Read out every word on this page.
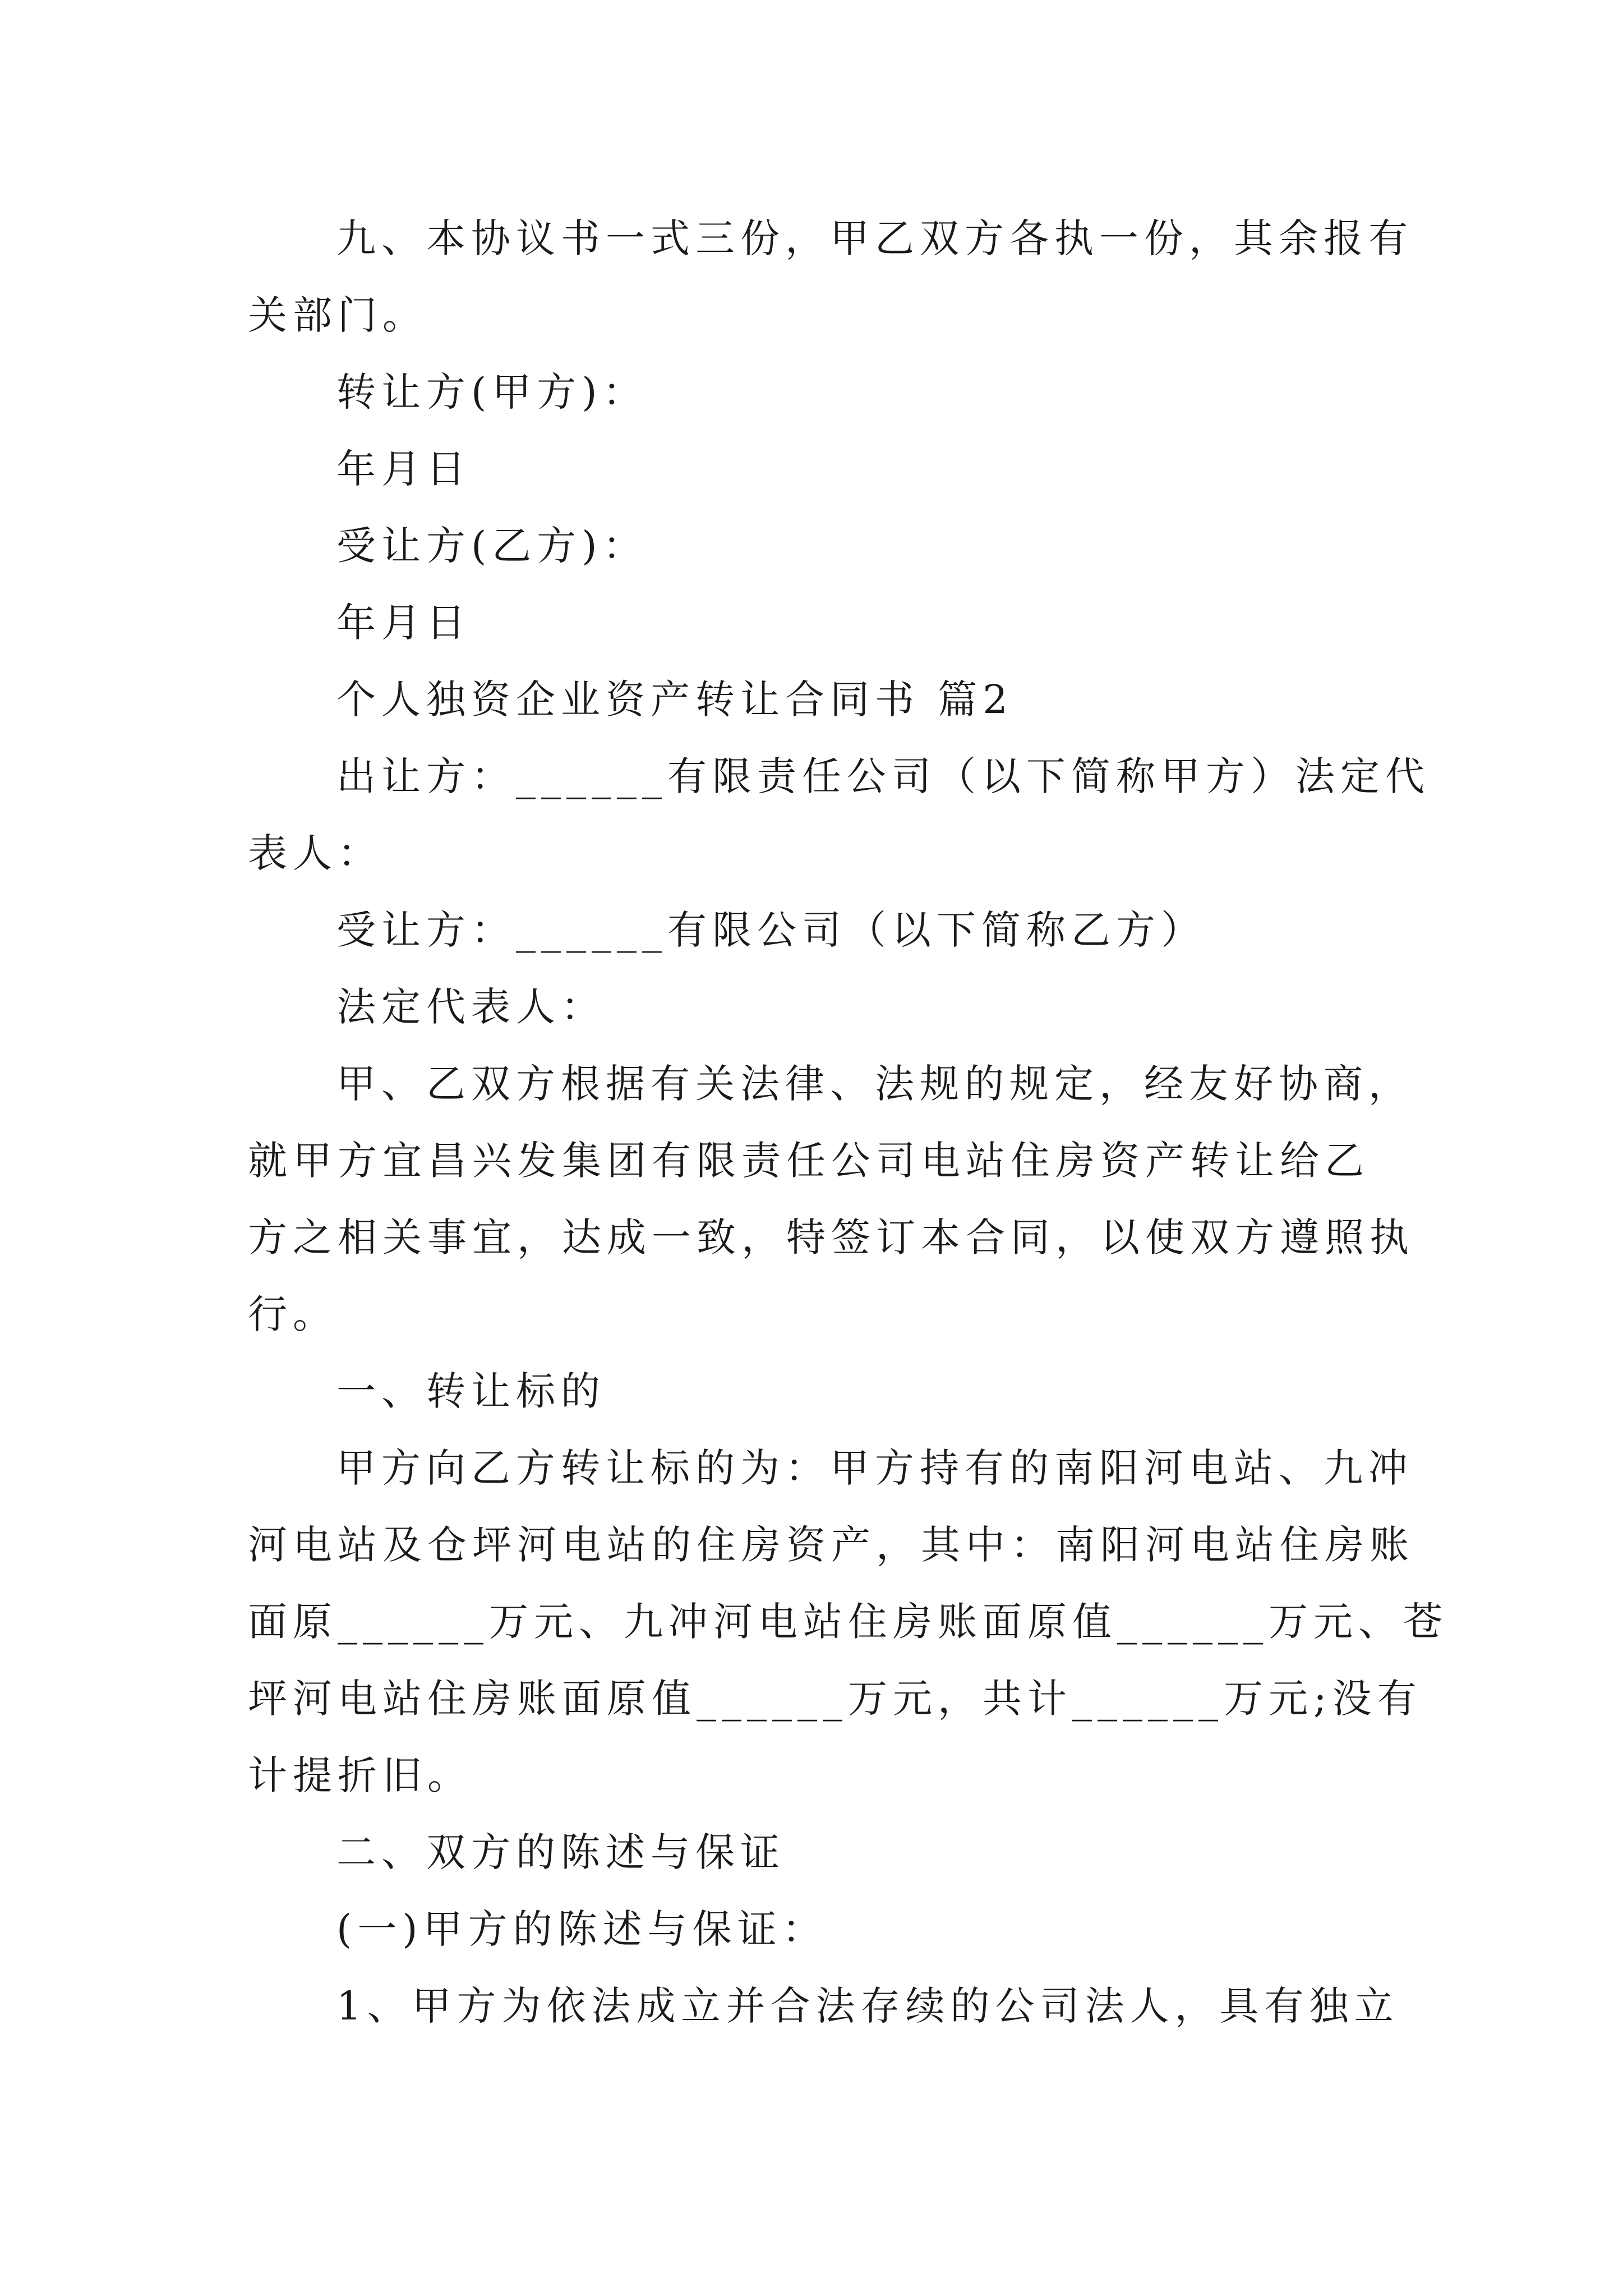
九、本协议书一式三份，甲乙双方各执一份，其余报有
关部门。
转让方(甲方)：
年月日
受让方(乙方)：
年月日
个人独资企业资产转让合同书 篇2
出让方：______有限责任公司（以下简称甲方）法定代
表人：
受让方：______有限公司（以下简称乙方）
法定代表人：
甲、乙双方根据有关法律、法规的规定，经友好协商，
就甲方宜昌兴发集团有限责任公司电站住房资产转让给乙
方之相关事宜，达成一致，特签订本合同，以使双方遵照执
行。
一、转让标的
甲方向乙方转让标的为：甲方持有的南阳河电站、九冲
河电站及仓坪河电站的住房资产，其中：南阳河电站住房账
面原______万元、九冲河电站住房账面原值______万元、苍
坪河电站住房账面原值______万元，共计______万元;没有
计提折旧。
二、双方的陈述与保证
(一)甲方的陈述与保证：
1、甲方为依法成立并合法存续的公司法人，具有独立
